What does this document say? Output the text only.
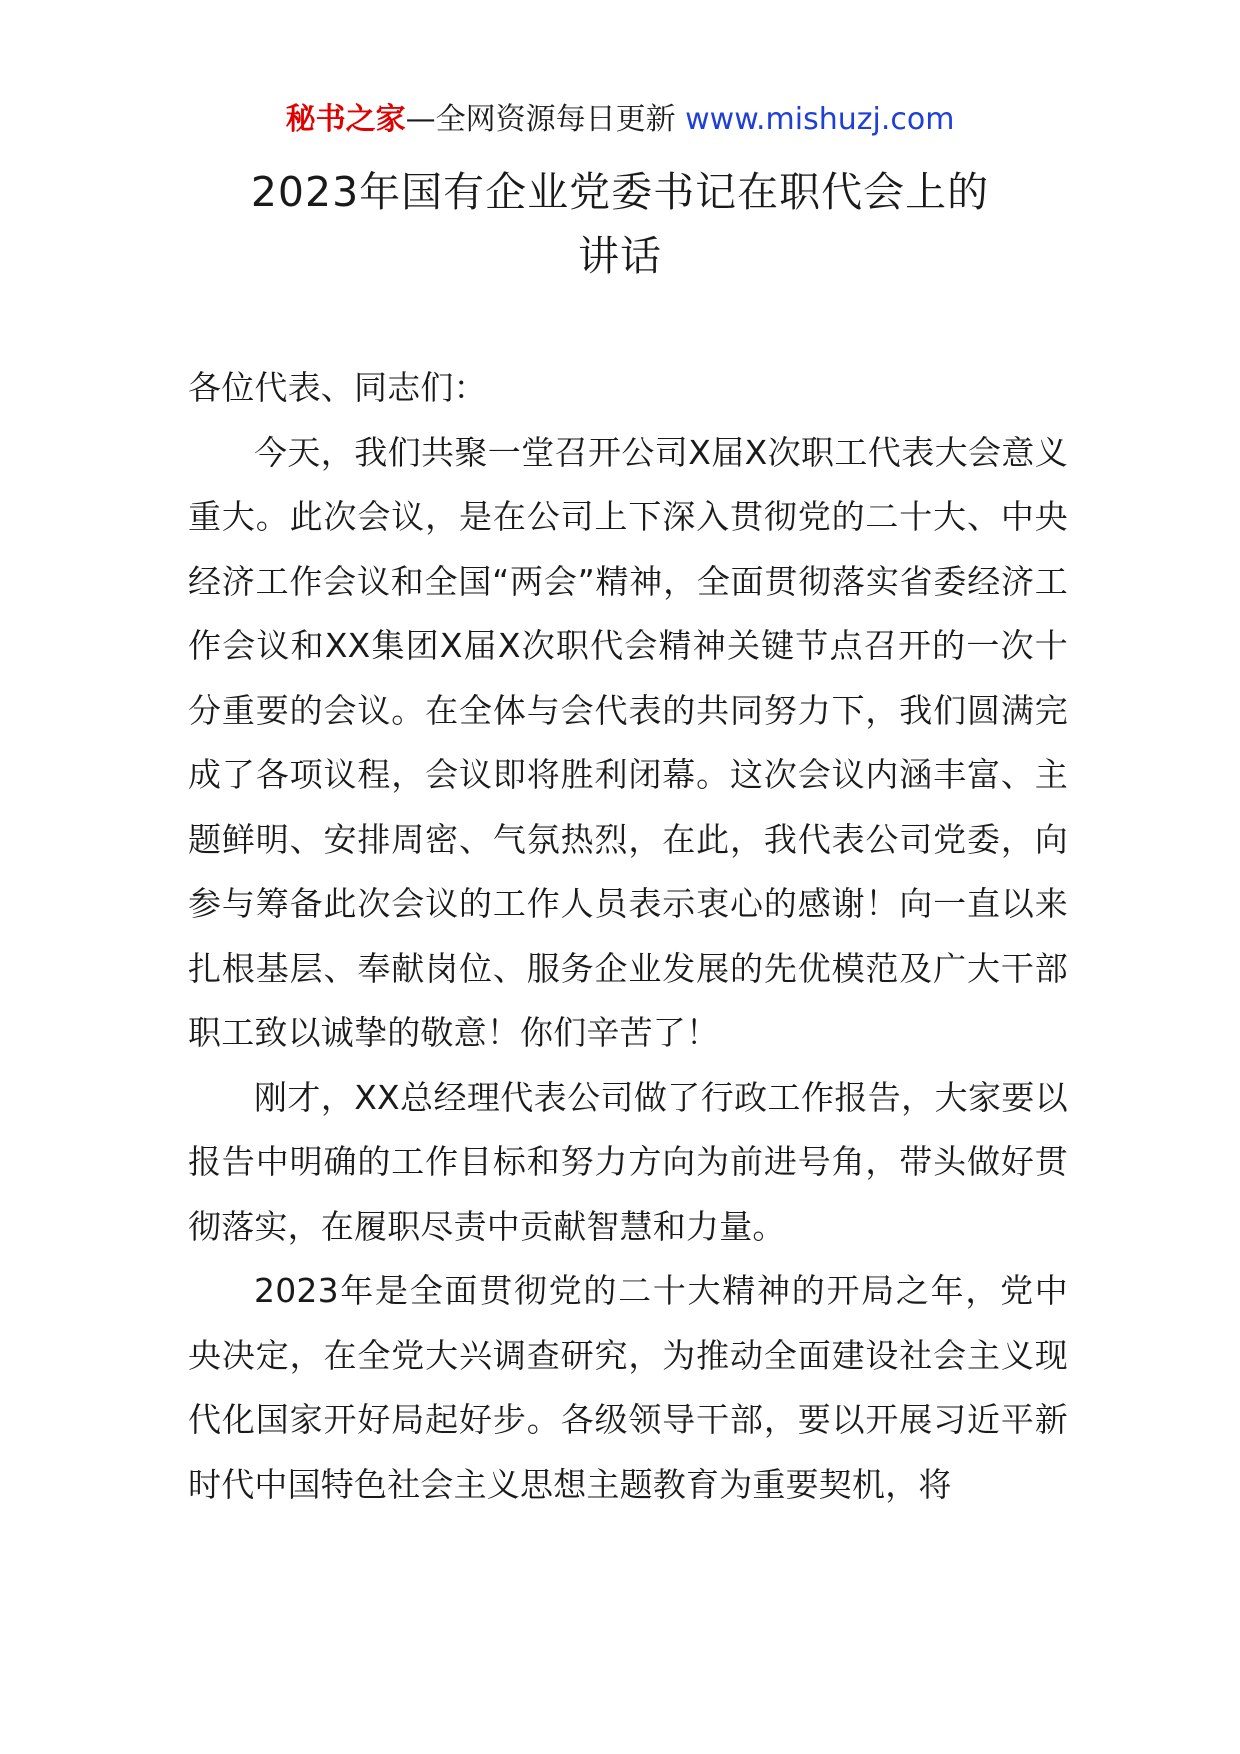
秘书之家—全网资源每日更新 www.mishuzj.com
2023年国有企业党委书记在职代会上的
讲话

各位代表、同志们：

今天，我们共聚一堂召开公司X届X次职工代表大会意义重大。此次会议，是在公司上下深入贯彻党的二十大、中央经济工作会议和全国“两会”精神，全面贯彻落实省委经济工作会议和XX集团X届X次职代会精神关键节点召开的一次十分重要的会议。在全体与会代表的共同努力下，我们圆满完成了各项议程，会议即将胜利闭幕。这次会议内涵丰富、主题鲜明、安排周密、气氛热烈，在此，我代表公司党委，向参与筹备此次会议的工作人员表示衷心的感谢！向一直以来扎根基层、奉献岗位、服务企业发展的先优模范及广大干部职工致以诚挚的敬意！你们辛苦了！

刚才，XX总经理代表公司做了行政工作报告，大家要以报告中明确的工作目标和努力方向为前进号角，带头做好贯彻落实，在履职尽责中贡献智慧和力量。

2023年是全面贯彻党的二十大精神的开局之年，党中央决定，在全党大兴调查研究，为推动全面建设社会主义现代化国家开好局起好步。各级领导干部，要以开展习近平新时代中国特色社会主义思想主题教育为重要契机，将
